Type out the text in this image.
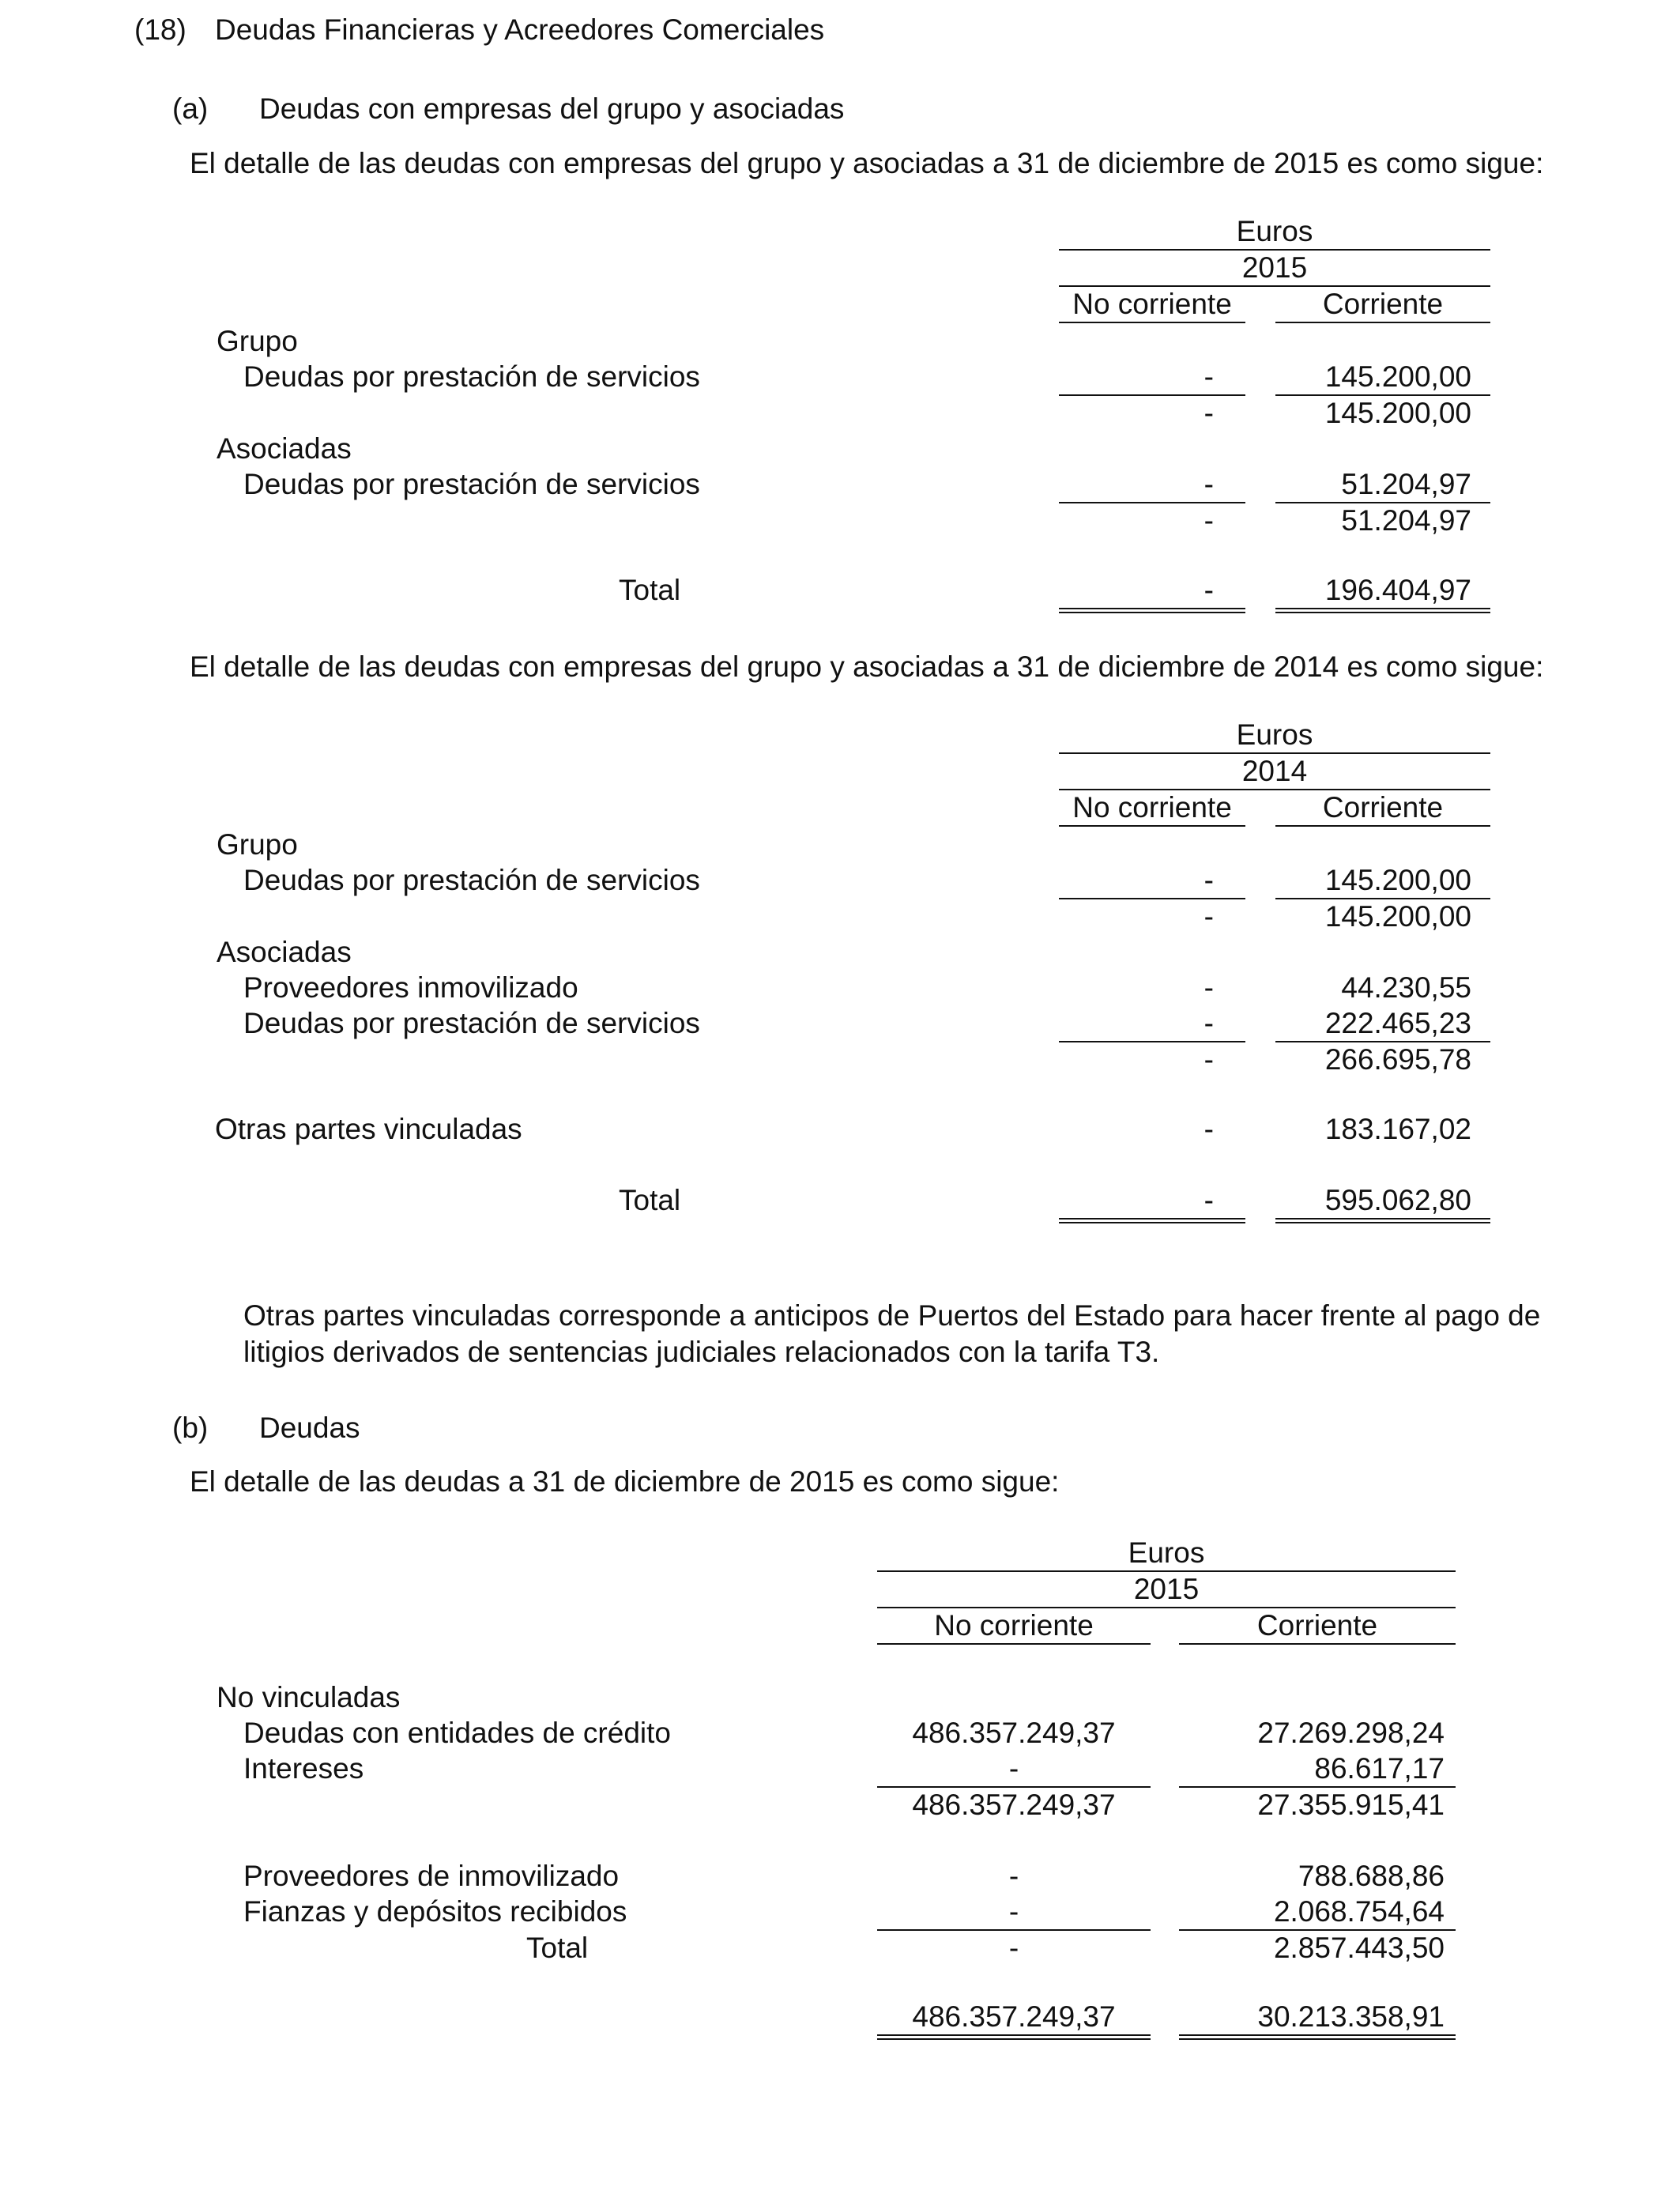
(18) Deudas Financieras y Acreedores Comerciales
(a) Deudas con empresas del grupo y asociadas
El detalle de las deudas con empresas del grupo y asociadas a 31 de diciembre de 2015 es como sigue:
Euros
2015
No corriente	Corriente
Grupo
Deudas por prestación de servicios	-	145.200,00
-	145.200,00
Asociadas
Deudas por prestación de servicios	-	51.204,97
-	51.204,97
Total	-	196.404,97
El detalle de las deudas con empresas del grupo y asociadas a 31 de diciembre de 2014 es como sigue:
Euros
2014
No corriente	Corriente
Grupo
Deudas por prestación de servicios	-	145.200,00
-	145.200,00
Asociadas
Proveedores inmovilizado	-	44.230,55
Deudas por prestación de servicios	-	222.465,23
-	266.695,78
Otras partes vinculadas	-	183.167,02
Total	-	595.062,80
Otras partes vinculadas corresponde a anticipos de Puertos del Estado para hacer frente al pago de litigios derivados de sentencias judiciales relacionados con la tarifa T3.
(b) Deudas
El detalle de las deudas a 31 de diciembre de 2015 es como sigue:
Euros
2015
No corriente	Corriente
No vinculadas
Deudas con entidades de crédito	486.357.249,37	27.269.298,24
Intereses	-	86.617,17
486.357.249,37	27.355.915,41
Proveedores de inmovilizado	-	788.688,86
Fianzas y depósitos recibidos	-	2.068.754,64
Total	-	2.857.443,50
486.357.249,37	30.213.358,91
